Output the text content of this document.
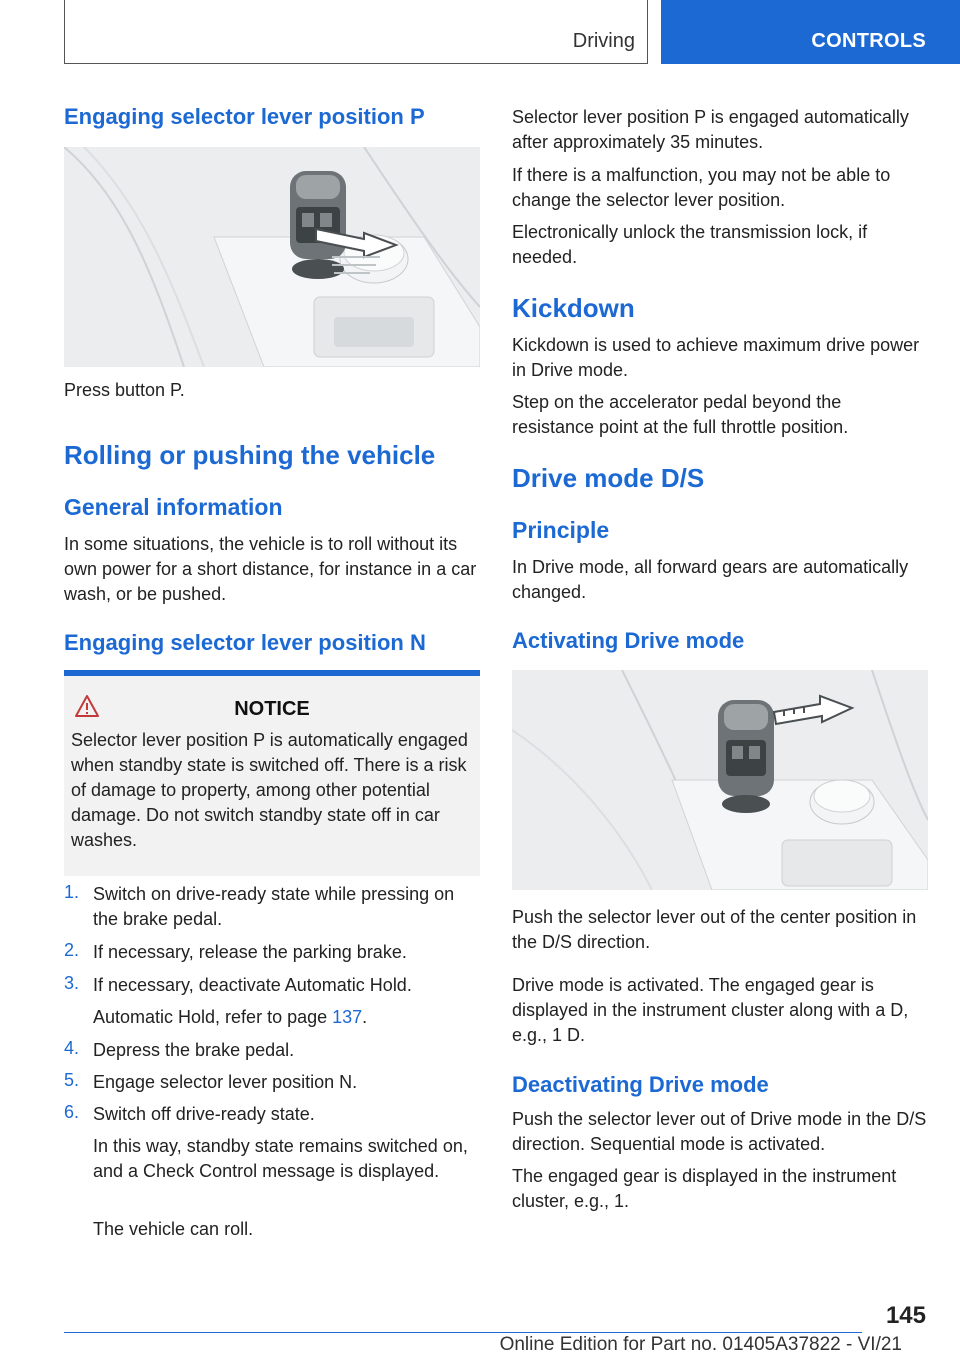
Driving	CONTROLS
Engaging selector lever position P
Press button P.
Rolling or pushing the vehicle
General information
In some situations, the vehicle is to roll without its own power for a short distance, for instance in a car wash, or be pushed.
Engaging selector lever position N
NOTICE
Selector lever position P is automatically engaged when standby state is switched off. There is a risk of damage to property, among other potential damage. Do not switch standby state off in car washes.
1. Switch on drive-ready state while pressing on the brake pedal.
2. If necessary, release the parking brake.
3. If necessary, deactivate Automatic Hold.
Automatic Hold, refer to page 137.
4. Depress the brake pedal.
5. Engage selector lever position N.
6. Switch off drive-ready state.
In this way, standby state remains switched on, and a Check Control message is displayed.
The vehicle can roll.
Selector lever position P is engaged automatically after approximately 35 minutes.
If there is a malfunction, you may not be able to change the selector lever position.
Electronically unlock the transmission lock, if needed.
Kickdown
Kickdown is used to achieve maximum drive power in Drive mode.
Step on the accelerator pedal beyond the resistance point at the full throttle position.
Drive mode D/S
Principle
In Drive mode, all forward gears are automatically changed.
Activating Drive mode
Push the selector lever out of the center position in the D/S direction.
Drive mode is activated. The engaged gear is displayed in the instrument cluster along with a D, e.g., 1 D.
Deactivating Drive mode
Push the selector lever out of Drive mode in the D/S direction. Sequential mode is activated.
The engaged gear is displayed in the instrument cluster, e.g., 1.
145
Online Edition for Part no. 01405A37822 - VI/21
